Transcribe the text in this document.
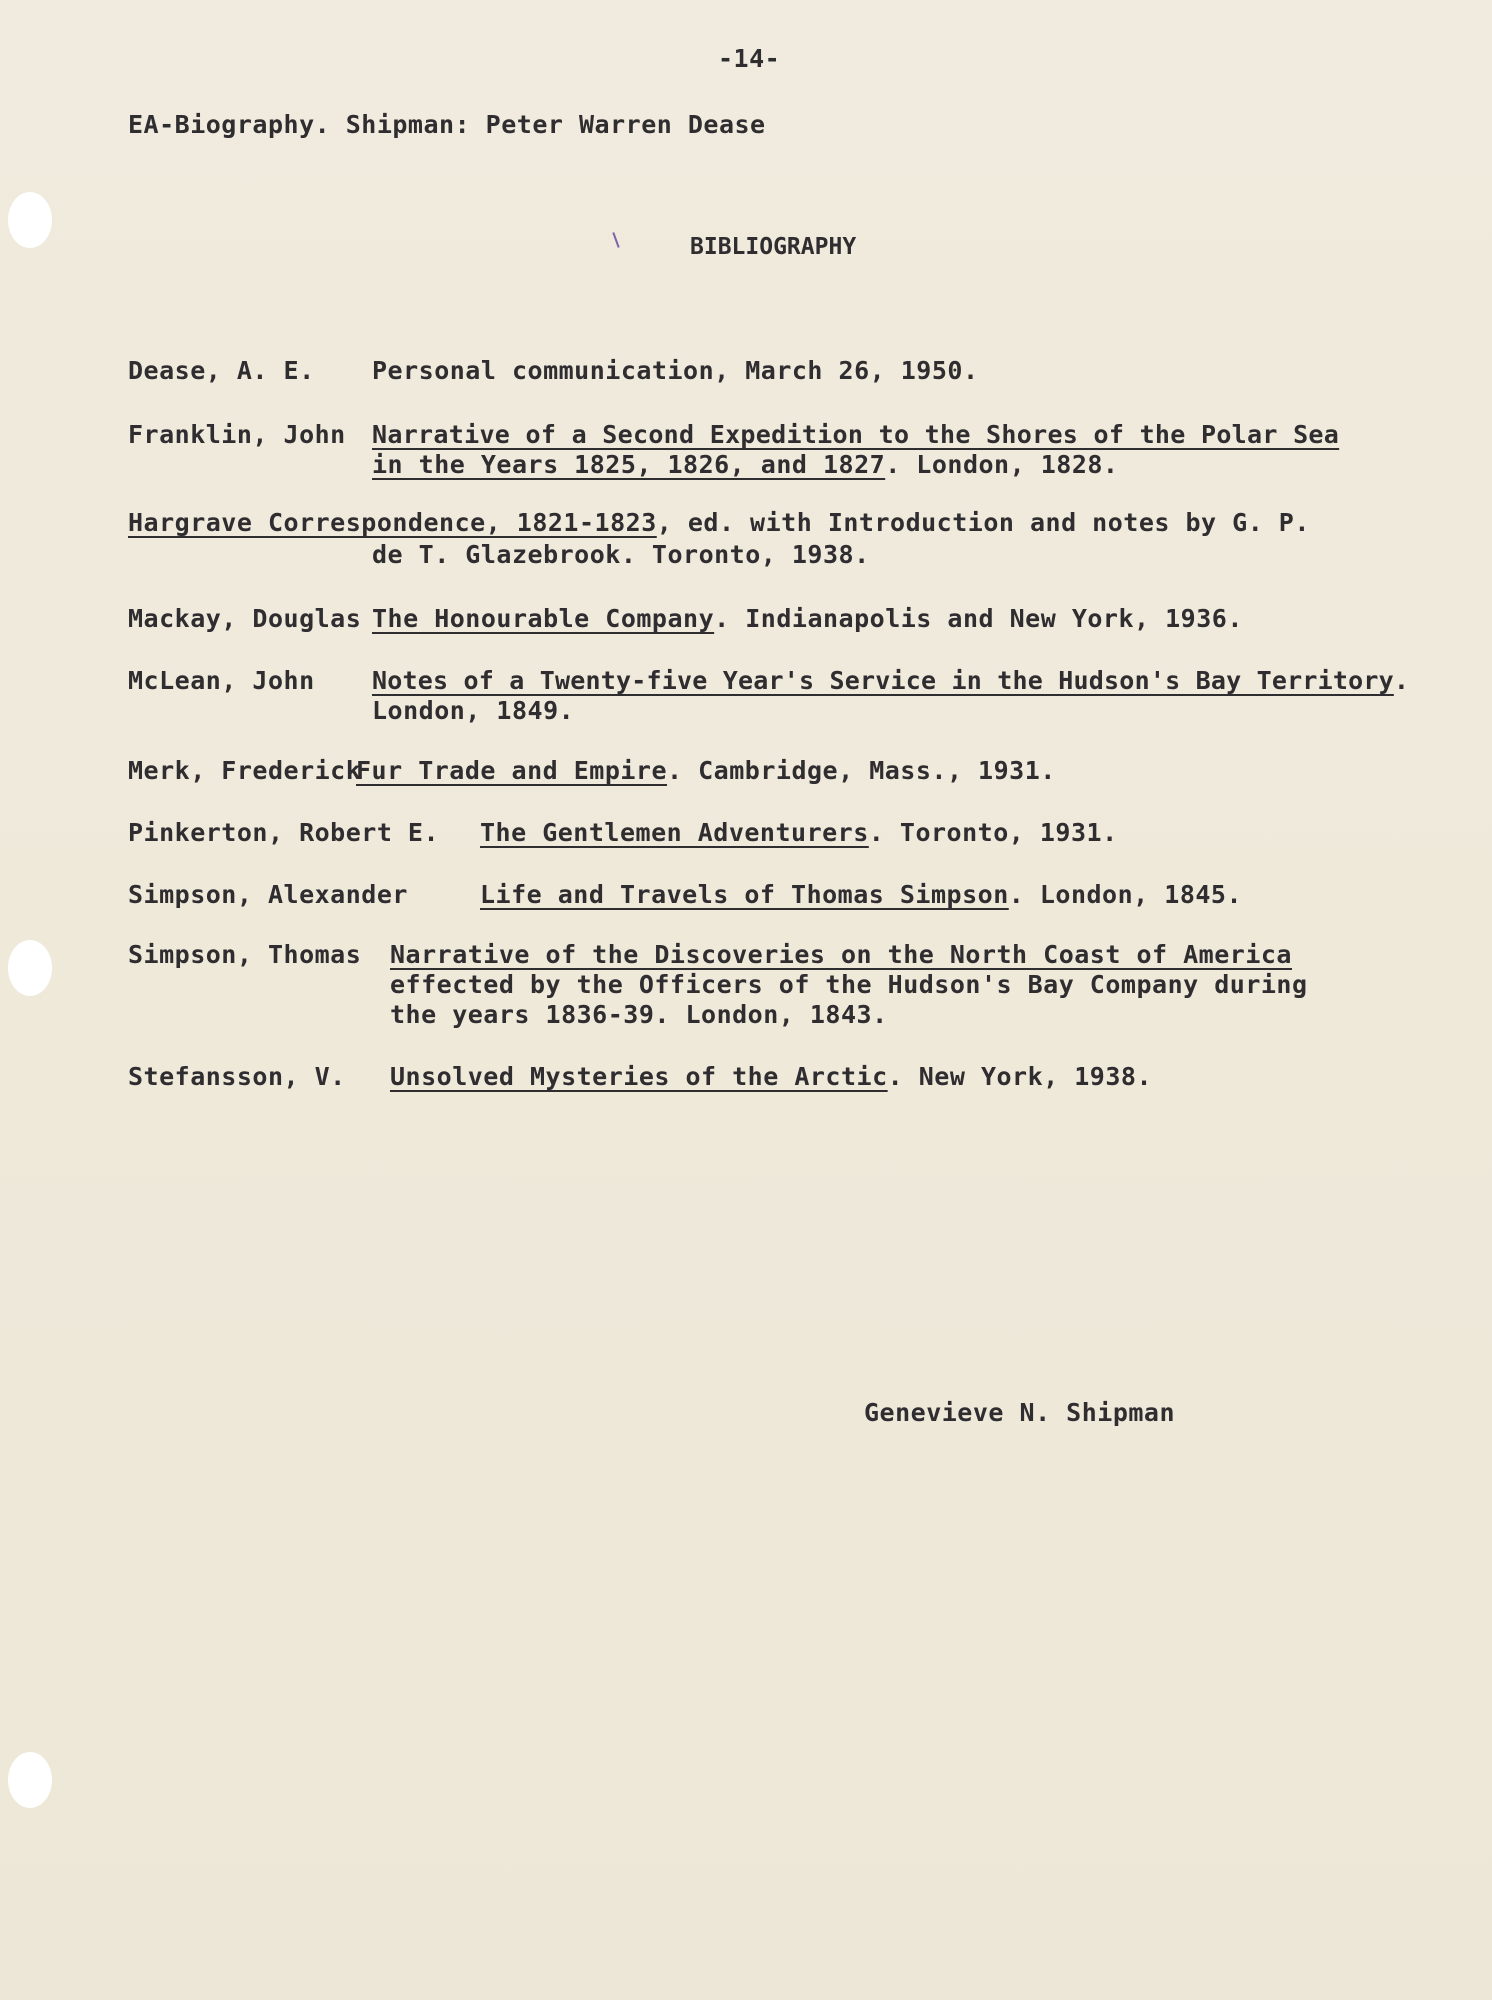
-14-
EA-Biography. Shipman: Peter Warren Dease
BIBLIOGRAPHY
Dease, A. E. Personal communication, March 26, 1950.
Franklin, John Narrative of a Second Expedition to the Shores of the Polar Sea
in the Years 1825, 1826, and 1827. London, 1828.
Hargrave Correspondence, 1821-1823, ed. with Introduction and notes by G. P.
de T. Glazebrook. Toronto, 1938.
Mackay, Douglas The Honourable Company. Indianapolis and New York, 1936.
McLean, John Notes of a Twenty-five Year's Service in the Hudson's Bay Territory.
London, 1849.
Merk, Frederick
Fur Trade and Empire. Cambridge, Mass., 1931.
Pinkerton, Robert E. The Gentlemen Adventurers. Toronto, 1931.
Simpson, Alexander	Life and Travels of Thomas Simpson. London, 1845.
Simpson, Thomas Narrative of the Discoveries on the North Coast of America
effected by the Officers of the Hudson's Bay Company during
the years 1836-39. London, 1843.
Stefansson, V. Unsolved Mysteries of the Arctic. New York, 1938.
Genevieve N. Shipman
